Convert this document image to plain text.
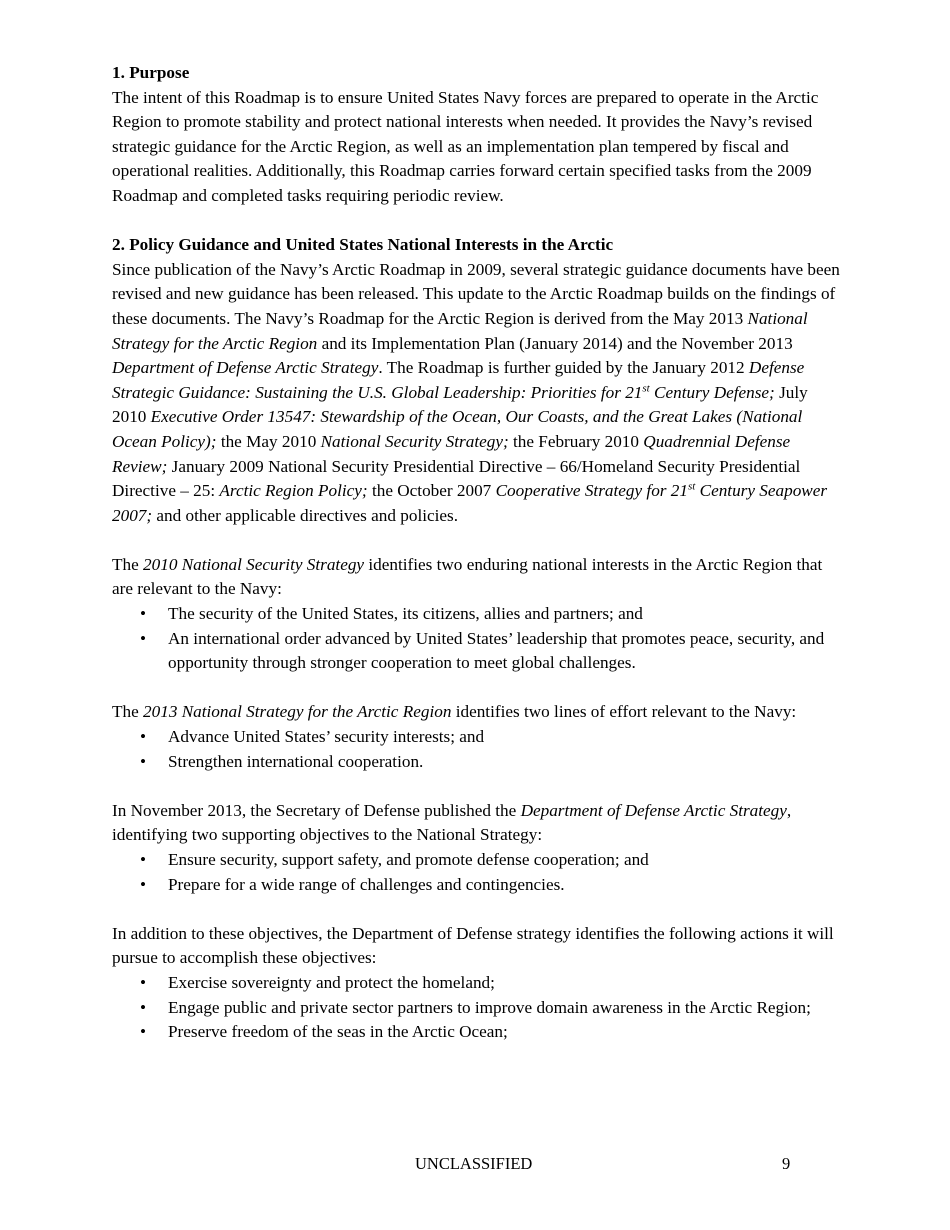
1. Purpose

The intent of this Roadmap is to ensure United States Navy forces are prepared to operate in the Arctic Region to promote stability and protect national interests when needed. It provides the Navy’s revised strategic guidance for the Arctic Region, as well as an implementation plan tempered by fiscal and operational realities. Additionally, this Roadmap carries forward certain specified tasks from the 2009 Roadmap and completed tasks requiring periodic review.

2. Policy Guidance and United States National Interests in the Arctic

Since publication of the Navy’s Arctic Roadmap in 2009, several strategic guidance documents have been revised and new guidance has been released. This update to the Arctic Roadmap builds on the findings of these documents. The Navy’s Roadmap for the Arctic Region is derived from the May 2013 National Strategy for the Arctic Region and its Implementation Plan (January 2014) and the November 2013 Department of Defense Arctic Strategy. The Roadmap is further guided by the January 2012 Defense Strategic Guidance: Sustaining the U.S. Global Leadership: Priorities for 21st Century Defense; July 2010 Executive Order 13547: Stewardship of the Ocean, Our Coasts, and the Great Lakes (National Ocean Policy); the May 2010 National Security Strategy; the February 2010 Quadrennial Defense Review; January 2009 National Security Presidential Directive – 66/Homeland Security Presidential Directive – 25: Arctic Region Policy; the October 2007 Cooperative Strategy for 21st Century Seapower 2007; and other applicable directives and policies.

The 2010 National Security Strategy identifies two enduring national interests in the Arctic Region that are relevant to the Navy:

• The security of the United States, its citizens, allies and partners; and
• An international order advanced by United States’ leadership that promotes peace, security, and opportunity through stronger cooperation to meet global challenges.

The 2013 National Strategy for the Arctic Region identifies two lines of effort relevant to the Navy:

• Advance United States’ security interests; and
• Strengthen international cooperation.

In November 2013, the Secretary of Defense published the Department of Defense Arctic Strategy, identifying two supporting objectives to the National Strategy:

• Ensure security, support safety, and promote defense cooperation; and
• Prepare for a wide range of challenges and contingencies.

In addition to these objectives, the Department of Defense strategy identifies the following actions it will pursue to accomplish these objectives:

• Exercise sovereignty and protect the homeland;
• Engage public and private sector partners to improve domain awareness in the Arctic Region;
• Preserve freedom of the seas in the Arctic Ocean;
UNCLASSIFIED	9
